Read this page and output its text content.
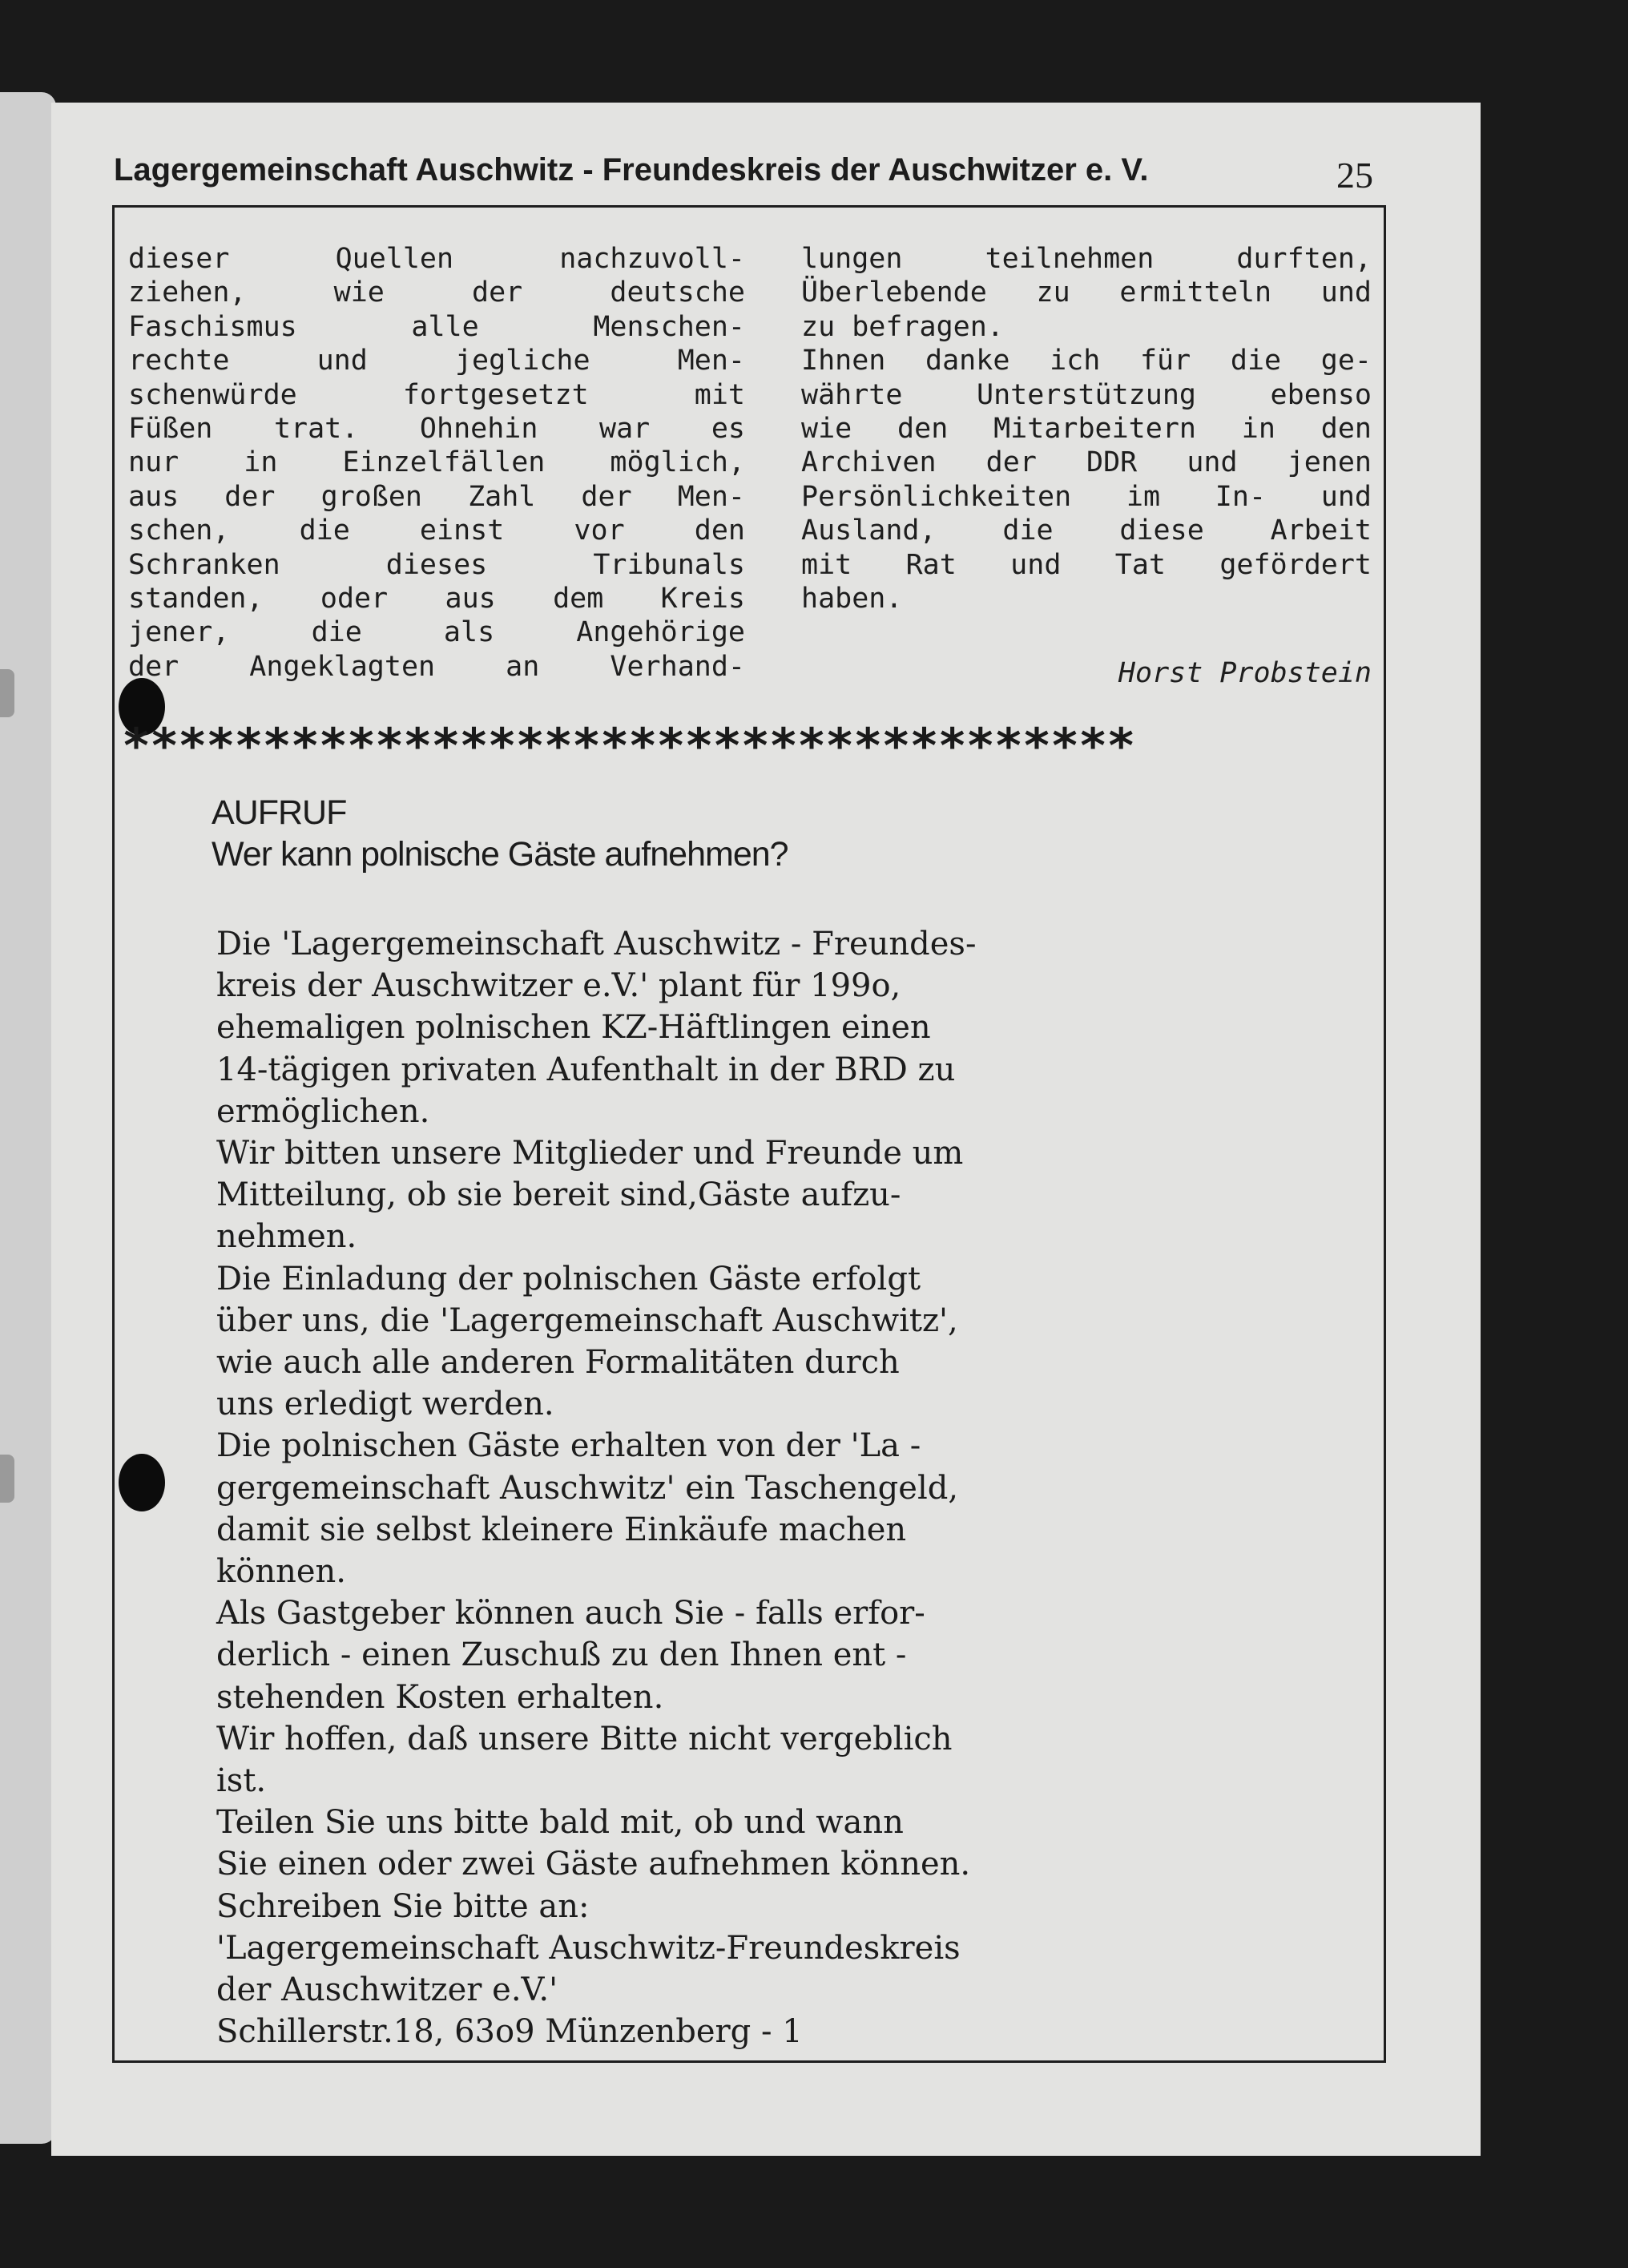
Lagergemeinschaft Auschwitz - Freundeskreis der Auschwitzer e. V.	25
dieser Quellen nachzuvoll-
ziehen, wie der deutsche
Faschismus alle Menschen-
rechte und jegliche Men-
schenwürde fortgesetzt mit
Füßen trat. Ohnehin war es
nur in Einzelfällen möglich,
aus der großen Zahl der Men-
schen, die einst vor den
Schranken dieses Tribunals
standen, oder aus dem Kreis
jener, die als Angehörige
der Angeklagten an Verhand-
lungen teilnehmen durften,
Überlebende zu ermitteln und
zu befragen.
Ihnen danke ich für die ge-
währte Unterstützung ebenso
wie den Mitarbeitern in den
Archiven der DDR und jenen
Persönlichkeiten im In- und
Ausland, die diese Arbeit
mit Rat und Tat gefördert
haben.
Horst Probstein
************************************
AUFRUF
Wer kann polnische Gäste aufnehmen?
Die 'Lagergemeinschaft Auschwitz - Freundes-
kreis der Auschwitzer e.V.' plant für 199o,
ehemaligen polnischen KZ-Häftlingen einen
14-tägigen privaten Aufenthalt in der BRD zu
ermöglichen.
Wir bitten unsere Mitglieder und Freunde um
Mitteilung, ob sie bereit sind,Gäste aufzu-
nehmen.
Die Einladung der polnischen Gäste erfolgt
über uns, die 'Lagergemeinschaft Auschwitz',
wie auch alle anderen Formalitäten durch
uns erledigt werden.
Die polnischen Gäste erhalten von der 'La -
gergemeinschaft Auschwitz' ein Taschengeld,
damit sie selbst kleinere Einkäufe machen
können.
Als Gastgeber können auch Sie - falls erfor-
derlich - einen Zuschuß zu den Ihnen ent -
stehenden Kosten erhalten.
Wir hoffen, daß unsere Bitte nicht vergeblich
ist.
Teilen Sie uns bitte bald mit, ob und wann
Sie einen oder zwei Gäste aufnehmen können.
Schreiben Sie bitte an:
'Lagergemeinschaft Auschwitz-Freundeskreis
der Auschwitzer e.V.'
Schillerstr.18, 63o9 Münzenberg - 1
